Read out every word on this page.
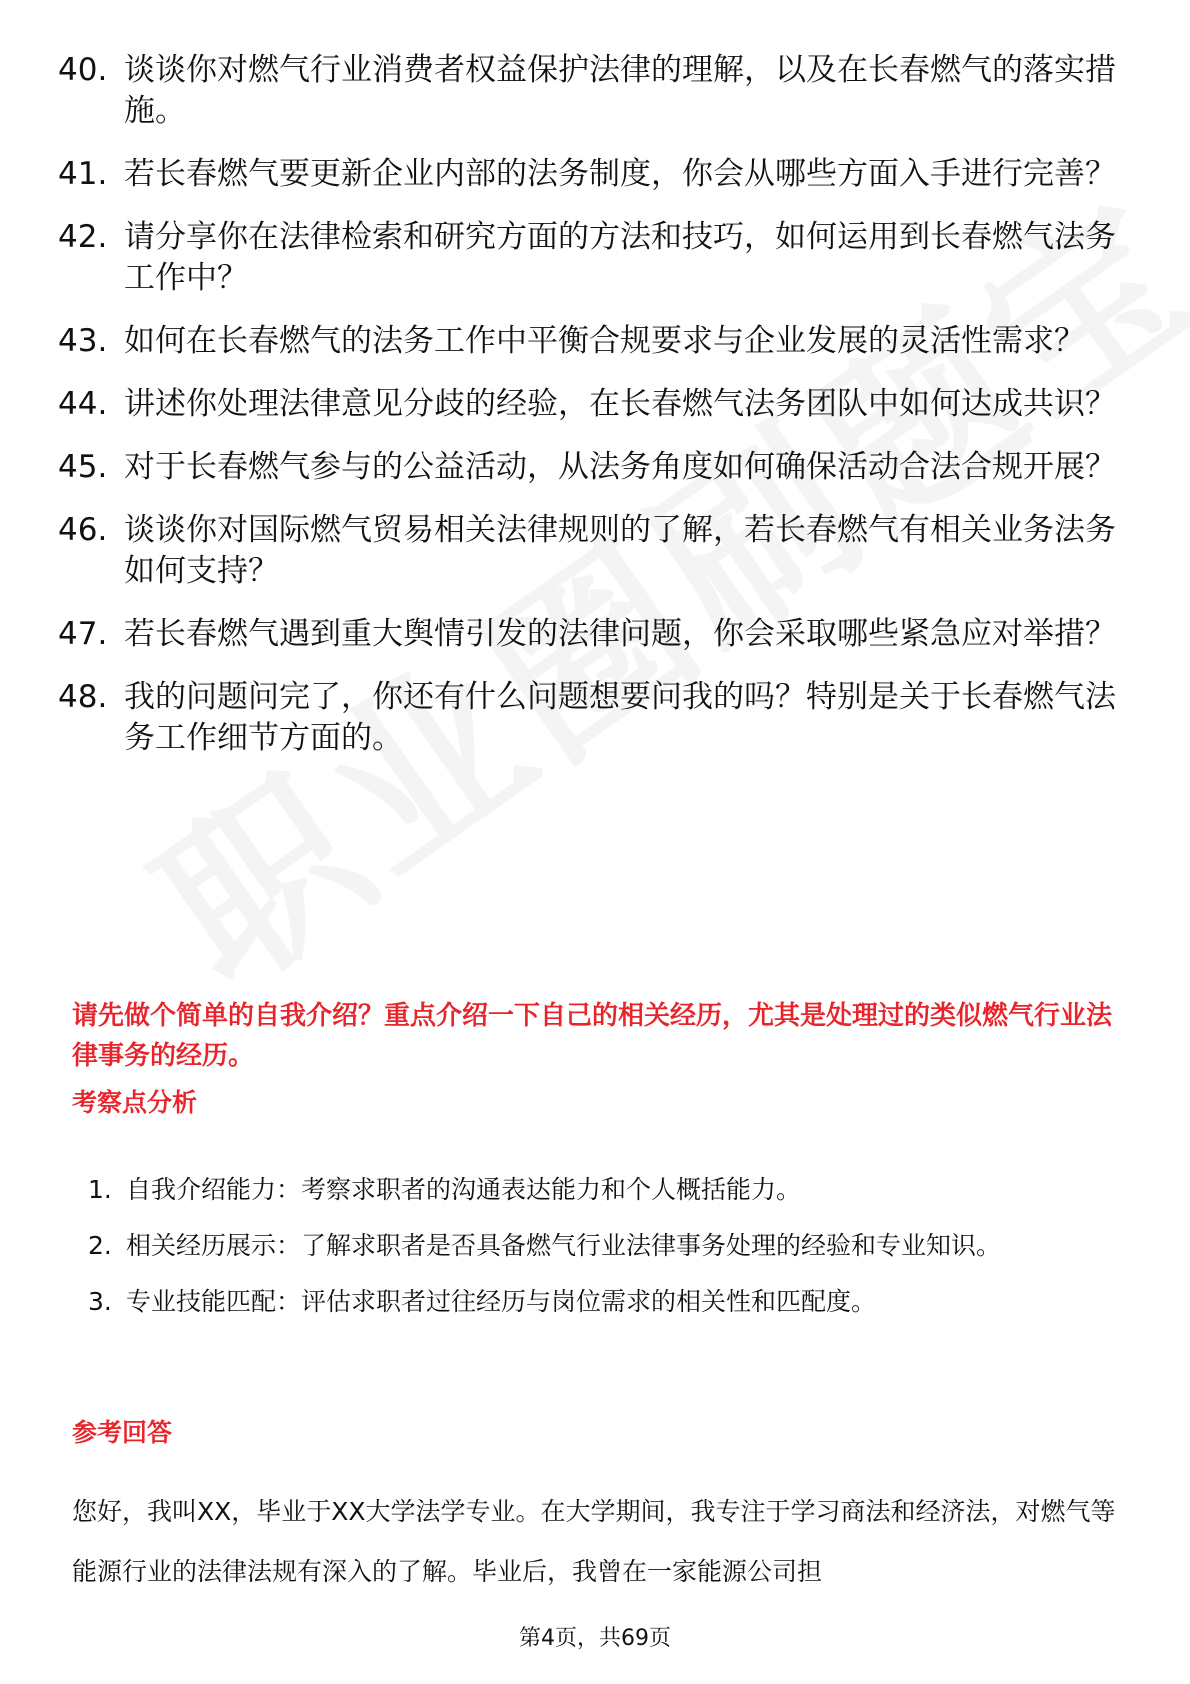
40. 谈谈你对燃气行业消费者权益保护法律的理解，以及在长春燃气的落实措施。
41. 若长春燃气要更新企业内部的法务制度，你会从哪些方面入手进行完善？
42. 请分享你在法律检索和研究方面的方法和技巧，如何运用到长春燃气法务工作中？
43. 如何在长春燃气的法务工作中平衡合规要求与企业发展的灵活性需求？
44. 讲述你处理法律意见分歧的经验，在长春燃气法务团队中如何达成共识？
45. 对于长春燃气参与的公益活动，从法务角度如何确保活动合法合规开展？
46. 谈谈你对国际燃气贸易相关法律规则的了解，若长春燃气有相关业务法务如何支持？
47. 若长春燃气遇到重大舆情引发的法律问题，你会采取哪些紧急应对举措？
48. 我的问题问完了，你还有什么问题想要问我的吗？特别是关于长春燃气法务工作细节方面的。

请先做个简单的自我介绍？重点介绍一下自己的相关经历，尤其是处理过的类似燃气行业法律事务的经历。

考察点分析
1. 自我介绍能力：考察求职者的沟通表达能力和个人概括能力。
2. 相关经历展示：了解求职者是否具备燃气行业法律事务处理的经验和专业知识。
3. 专业技能匹配：评估求职者过往经历与岗位需求的相关性和匹配度。
参考回答

您好，我叫XX，毕业于XX大学法学专业。在大学期间，我专注于学习商法和经济法，对燃气等能源行业的法律法规有深入的了解。毕业后，我曾在一家能源公司担

第4页，共69页
